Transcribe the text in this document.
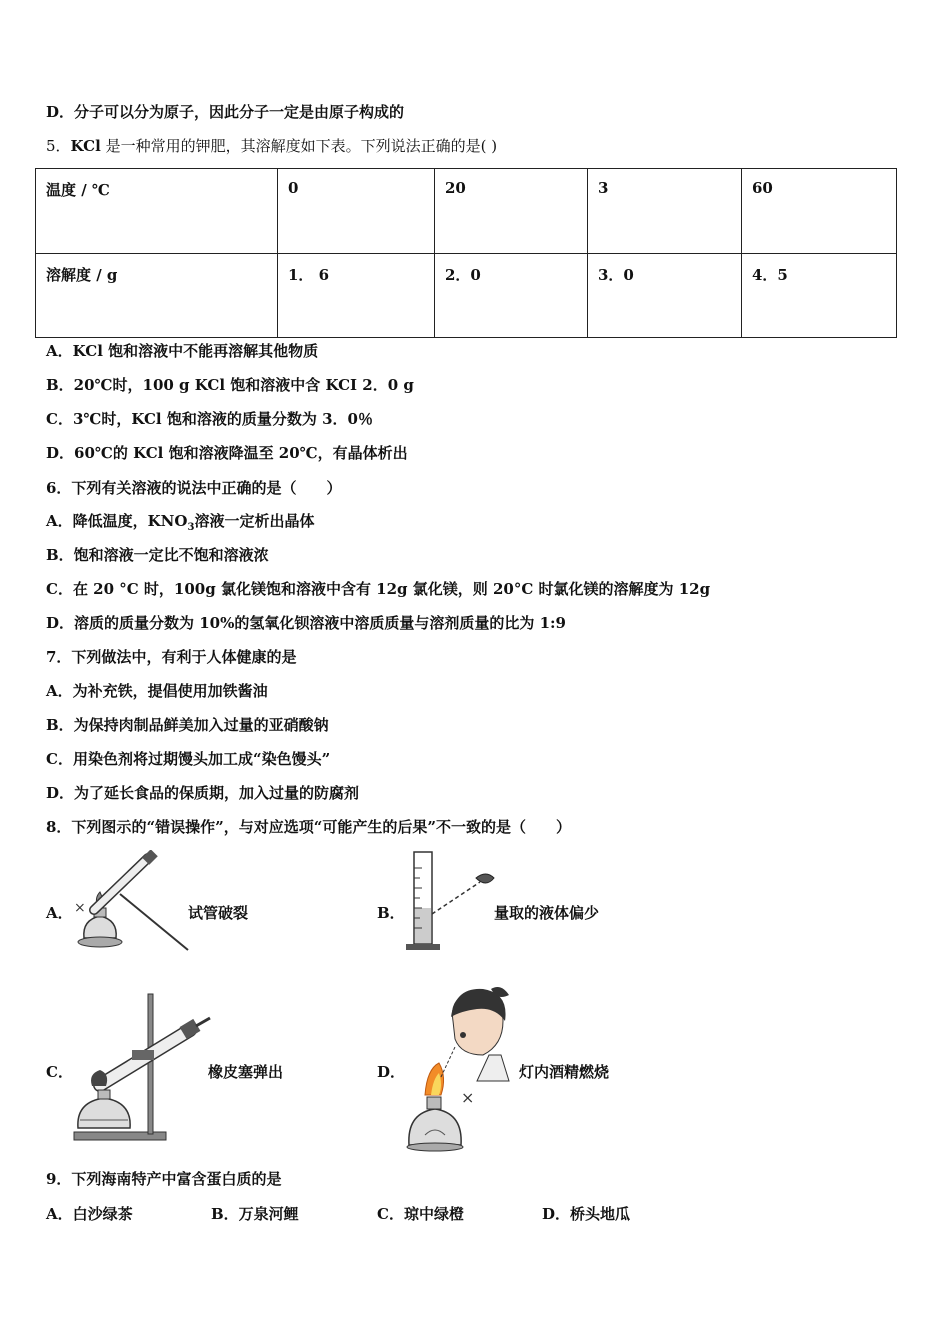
D．分子可以分为原子，因此分子一定是由原子构成的
5．KCl 是一种常用的钾肥，其溶解度如下表。下列说法正确的是( )
温度 / ℃	0	20	3	60
溶解度 / g	1． 6	2．0	3．0	4．5
A．KCl 饱和溶液中不能再溶解其他物质
B．20℃时，100 g KCl 饱和溶液中含 KCI 2．0 g
C．3℃时，KCl 饱和溶液的质量分数为 3．0％
D．60℃的 KCl 饱和溶液降温至 20℃，有晶体析出
6．下列有关溶液的说法中正确的是（　　）
A．降低温度，$KNO_3$溶液一定析出晶体
B．饱和溶液一定比不饱和溶液浓
C．在 20 °C 时，100g 氯化镁饱和溶液中含有 12g 氯化镁，则 20°C 时氯化镁的溶解度为 12g
D．溶质的质量分数为 10%的氢氧化钡溶液中溶质质量与溶剂质量的比为 1:9
7．下列做法中，有利于人体健康的是
A．为补充铁，提倡使用加铁酱油
B．为保持肉制品鲜美加入过量的亚硝酸钠
C．用染色剂将过期馒头加工成“染色馒头”
D．为了延长食品的保质期，加入过量的防腐剂
8．下列图示的“错误操作”，与对应选项“可能产生的后果”不一致的是（　　）
A． ×	试管破裂	B．	量取的液体偏少
C．	橡皮塞弹出	D．
×
灯内酒精燃烧
9．下列海南特产中富含蛋白质的是
A．白沙绿茶	B．万泉河鲤	C．琼中绿橙	D．桥头地瓜
